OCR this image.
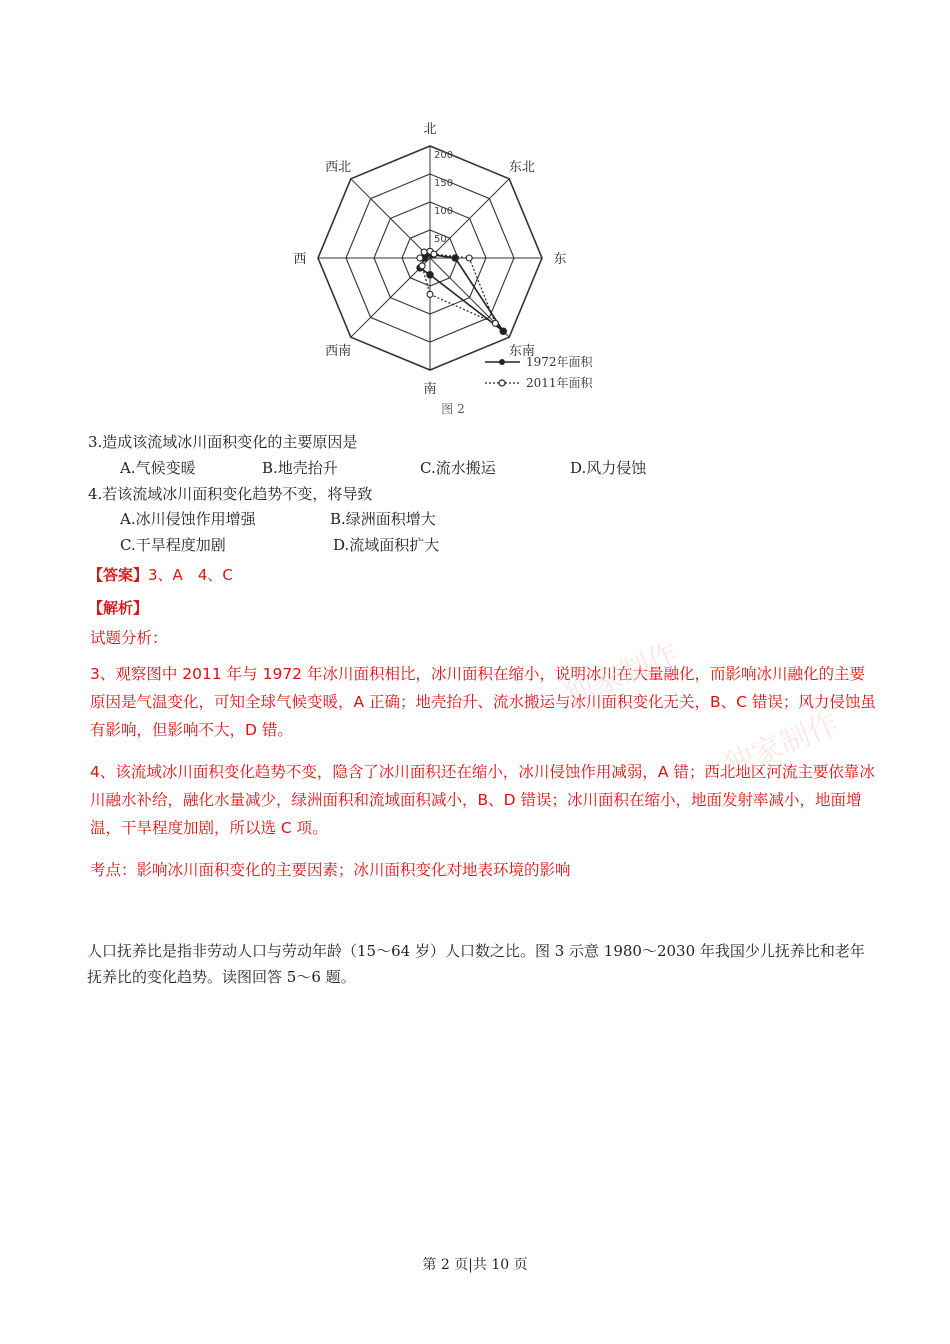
北
东北
东
东南
南
西南
西
西北
200
150
100
50
1972年面积
2011年面积
图 2
3.造成该流域冰川面积变化的主要原因是
A.气候变暖	B.地壳抬升	C.流水搬运	D.风力侵蚀
4.若该流域冰川面积变化趋势不变，将导致
A.冰川侵蚀作用增强	B.绿洲面积增大
C.干旱程度加剧	D.流域面积扩大
【答案】3、A　4、C
【解析】
试题分析：
3、观察图中 2011 年与 1972 年冰川面积相比，冰川面积在缩小，说明冰川在大量融化，而影响冰川融化的主要原因是气温变化，可知全球气候变暖，A 正确；地壳抬升、流水搬运与冰川面积变化无关，B、C 错误；风力侵蚀虽有影响，但影响不大，D 错。
4、该流域冰川面积变化趋势不变，隐含了冰川面积还在缩小，冰川侵蚀作用减弱，A 错；西北地区河流主要依靠冰川融水补给，融化水量减少，绿洲面积和流域面积减小，B、D 错误；冰川面积在缩小，地面发射率减小，地面增温，干旱程度加剧，所以选 C 项。
考点：影响冰川面积变化的主要因素；冰川面积变化对地表环境的影响
独家制作
独家制作
人口抚养比是指非劳动人口与劳动年龄（15～64 岁）人口数之比。图 3 示意 1980～2030 年我国少儿抚养比和老年抚养比的变化趋势。读图回答 5～6 题。
第 2 页|共 10 页
